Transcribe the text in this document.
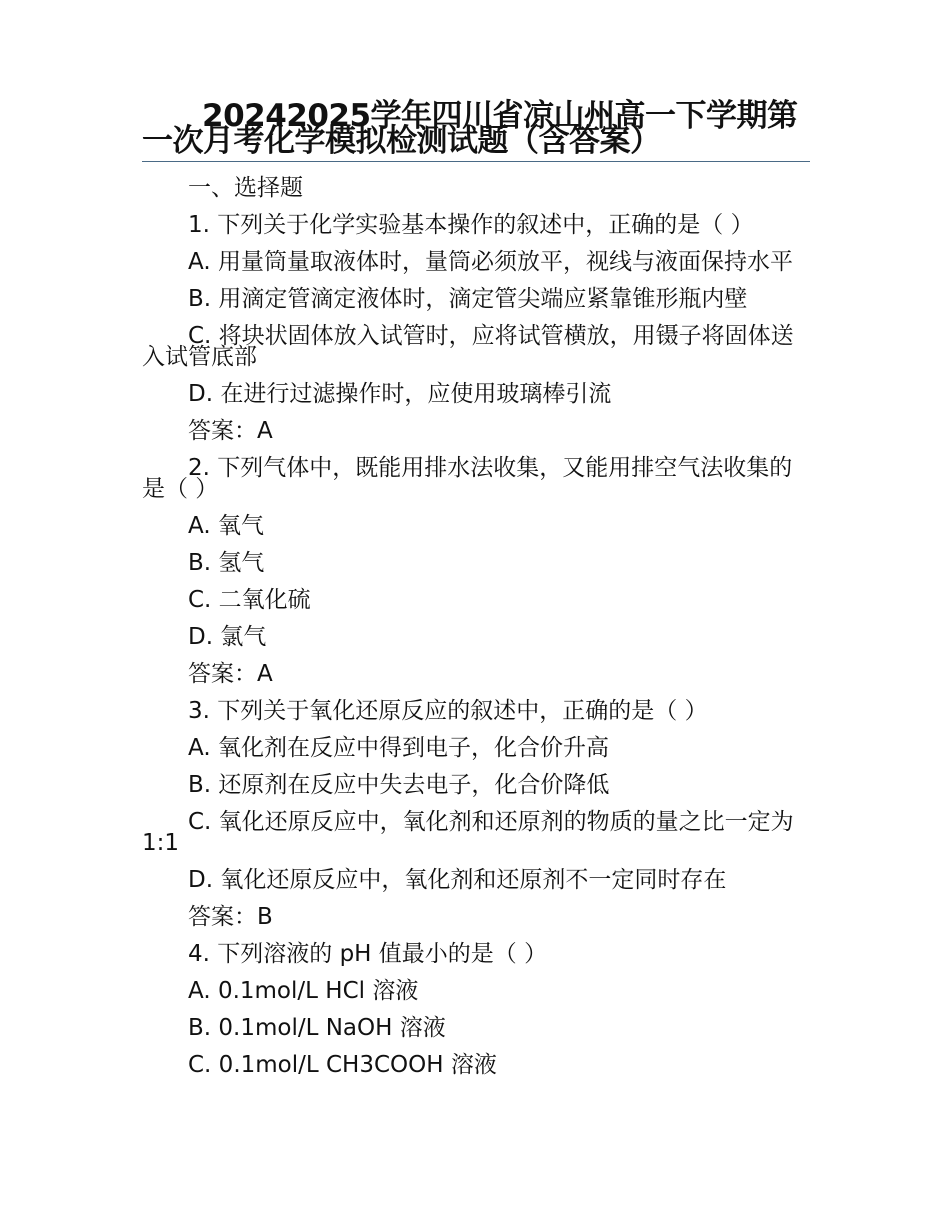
20242025学年四川省凉山州高一下学期第一次月考化学模拟检测试题（含答案）

一、选择题

1. 下列关于化学实验基本操作的叙述中，正确的是（ ）

A. 用量筒量取液体时，量筒必须放平，视线与液面保持水平

B. 用滴定管滴定液体时，滴定管尖端应紧靠锥形瓶内壁

C. 将块状固体放入试管时，应将试管横放，用镊子将固体送入试管底部

D. 在进行过滤操作时，应使用玻璃棒引流

答案：A

2. 下列气体中，既能用排水法收集，又能用排空气法收集的是（ ）

A. 氧气

B. 氢气

C. 二氧化硫

D. 氯气

答案：A

3. 下列关于氧化还原反应的叙述中，正确的是（ ）

A. 氧化剂在反应中得到电子，化合价升高

B. 还原剂在反应中失去电子，化合价降低

C. 氧化还原反应中，氧化剂和还原剂的物质的量之比一定为 1:1

D. 氧化还原反应中，氧化剂和还原剂不一定同时存在

答案：B

4. 下列溶液的 pH 值最小的是（ ）

A. 0.1mol/L HCl 溶液

B. 0.1mol/L NaOH 溶液

C. 0.1mol/L CH3COOH 溶液
